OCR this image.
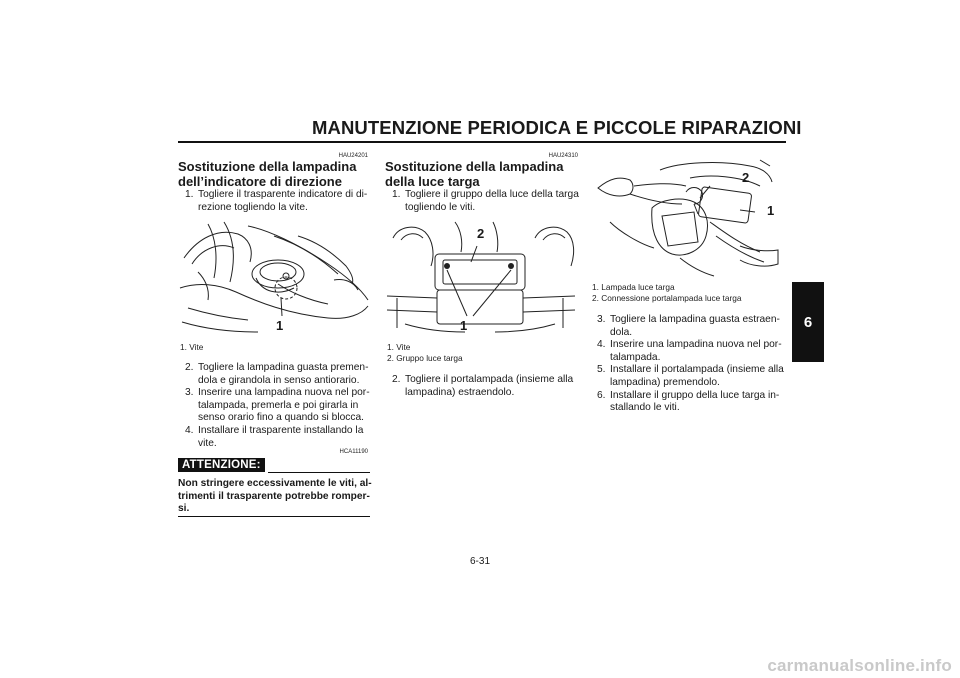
MANUTENZIONE PERIODICA E PICCOLE RIPARAZIONI
6
HAU24201
Sostituzione della lampadina
dell’indicatore di direzione
1. Togliere il trasparente indicatore di di-
rezione togliendo la vite.
1
1. Vite
2. Togliere la lampadina guasta premen-
dola e girandola in senso antiorario.
3. Inserire una lampadina nuova nel por-
talampada, premerla e poi girarla in
senso orario fino a quando si blocca.
4. Installare il trasparente installando la
vite.
HCA11190
ATTENZIONE:
Non stringere eccessivamente le viti, al-
trimenti il trasparente potrebbe romper-
si.
HAU24310
Sostituzione della lampadina
della luce targa
1. Togliere il gruppo della luce della targa
togliendo le viti.
2
1
1. Vite
2. Gruppo luce targa
2. Togliere il portalampada (insieme alla
lampadina) estraendolo.
2
1
1. Lampada luce targa
2. Connessione portalampada luce targa
3. Togliere la lampadina guasta estraen-
dola.
4. Inserire una lampadina nuova nel por-
talampada.
5. Installare il portalampada (insieme alla
lampadina) premendolo.
6. Installare il gruppo della luce targa in-
stallando le viti.
6-31
carmanualsonline.info
